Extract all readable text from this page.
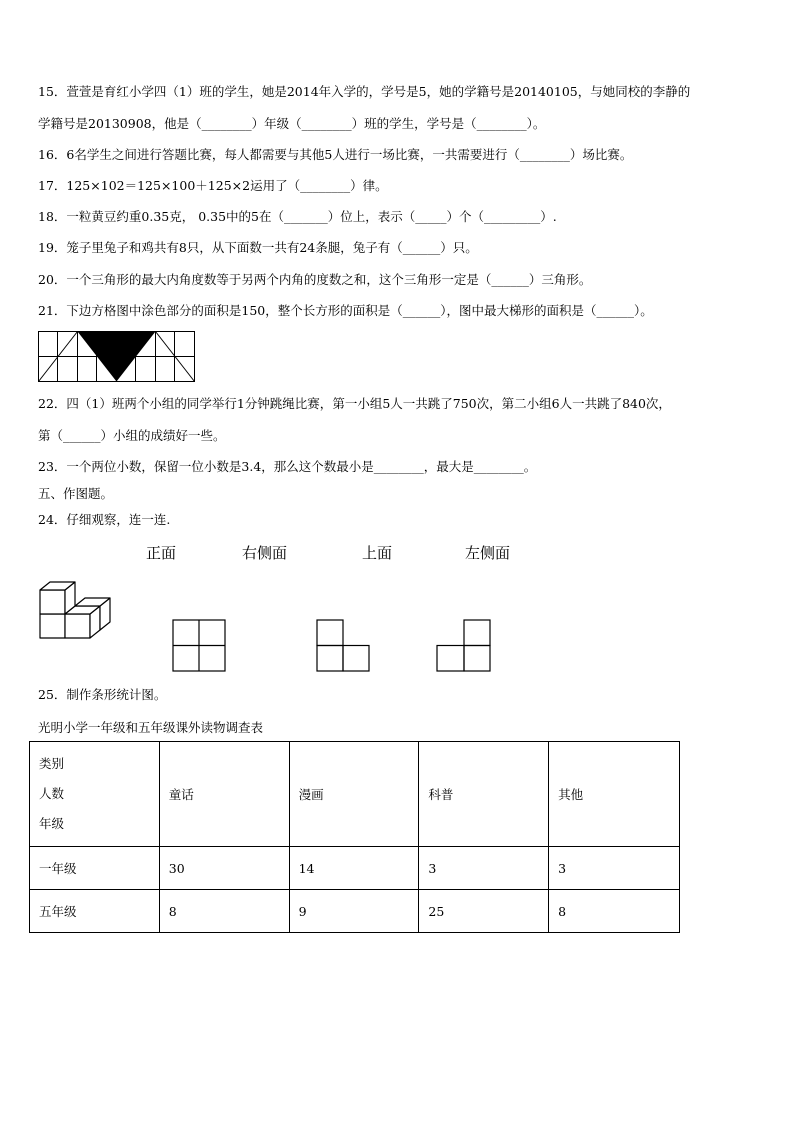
15．萱萱是育红小学四（1）班的学生，她是2014年入学的，学号是5，她的学籍号是20140105，与她同校的李静的
学籍号是20130908，他是（________）年级（________）班的学生，学号是（________）。
16．6名学生之间进行答题比赛，每人都需要与其他5人进行一场比赛，一共需要进行（________）场比赛。
17．125×102＝125×100＋125×2运用了（________）律。
18．一粒黄豆约重0.35克， 0.35中的5在（_______）位上，表示（_____）个（_________）.
19．笼子里兔子和鸡共有8只，从下面数一共有24条腿，兔子有（______）只。
20．一个三角形的最大内角度数等于另两个内角的度数之和，这个三角形一定是（______）三角形。
21．下边方格图中涂色部分的面积是150，整个长方形的面积是（______），图中最大梯形的面积是（______）。
22．四（1）班两个小组的同学举行1分钟跳绳比赛，第一小组5人一共跳了750次，第二小组6人一共跳了840次，
第（______）小组的成绩好一些。
23．一个两位小数，保留一位小数是3.4，那么这个数最小是________，最大是________。
五、作图题。
24．仔细观察，连一连.
正面	右侧面	上面	左侧面
25．制作条形统计图。
光明小学一年级和五年级课外读物调查表
类别
人数
年级	童话	漫画	科普	其他
一年级	30	14	3	3
五年级	8	9	25	8
